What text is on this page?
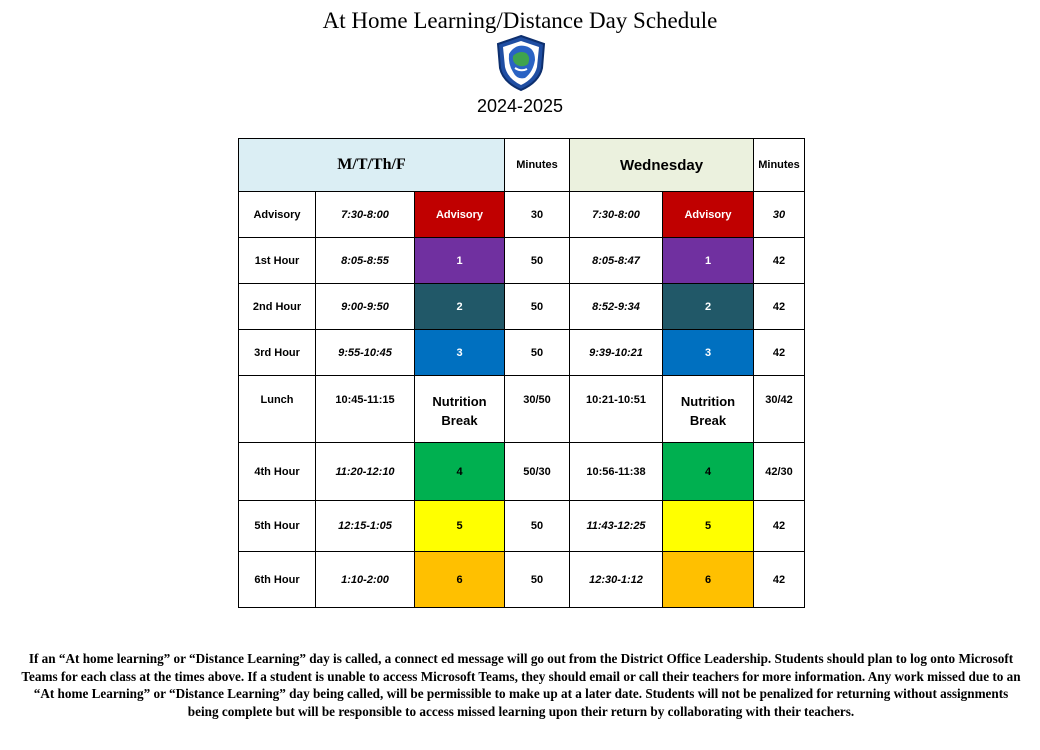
At Home Learning/Distance Day Schedule
2024-2025
M/T/Th/F			Minutes	Wednesday		Minutes
Advisory	7:30-8:00	Advisory	30	7:30-8:00	Advisory	30
1st Hour	8:05-8:55	1	50	8:05-8:47	1	42
2nd Hour	9:00-9:50	2	50	8:52-9:34	2	42
3rd Hour	9:55-10:45	3	50	9:39-10:21	3	42
Lunch	10:45-11:15	Nutrition Break	30/50	10:21-10:51	Nutrition Break	30/42
4th Hour	11:20-12:10	4	50/30	10:56-11:38	4	42/30
5th Hour	12:15-1:05	5	50	11:43-12:25	5	42
6th Hour	1:10-2:00	6	50	12:30-1:12	6	42
If an “At home learning” or “Distance Learning” day is called, a connect ed message will go out from the District Office Leadership. Students should plan to log onto Microsoft Teams for each class at the times above. If a student is unable to access Microsoft Teams, they should email or call their teachers for more information. Any work missed due to an “At home Learning” or “Distance Learning” day being called, will be permissible to make up at a later date. Students will not be penalized for returning without assignments being complete but will be responsible to access missed learning upon their return by collaborating with their teachers.
